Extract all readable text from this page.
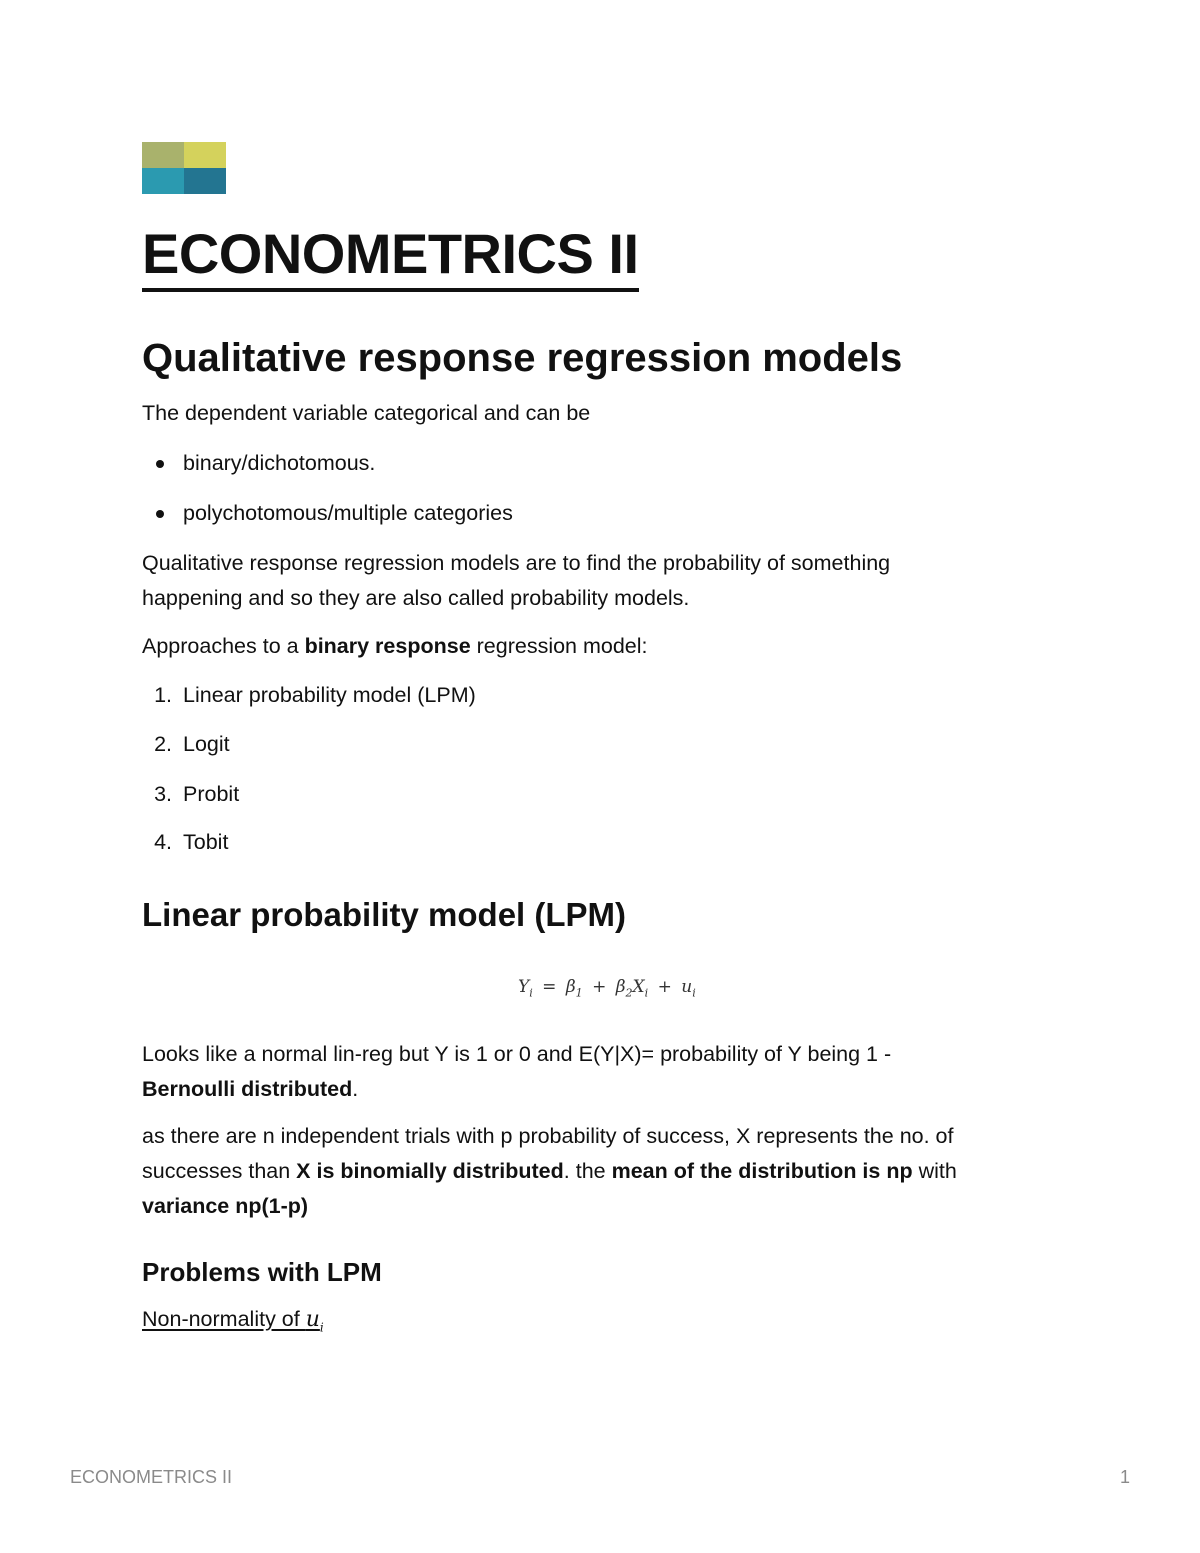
ECONOMETRICS II
Qualitative response regression models

The dependent variable categorical and can be

binary/dichotomous.

polychotomous/multiple categories

Qualitative response regression models are to find the probability of something

happening and so they are also called probability models.

Approaches to a binary response regression model:

1. Linear probability model (LPM)

2. Logit

3. Probit

4. Tobit

Linear probability model (LPM)
$Y_i = \beta_1 + \beta_2X_i + u_i$

Looks like a normal lin-reg but Y is 1 or 0 and E(Y|X)= probability of Y being 1 -

Bernoulli distributed.

as there are n independent trials with p probability of success, X represents the no. of

successes than X is binomially distributed. the mean of the distribution is np with

variance np(1-p)

Problems with LPM

Non-normality of $u_i$

ECONOMETRICS II	1
